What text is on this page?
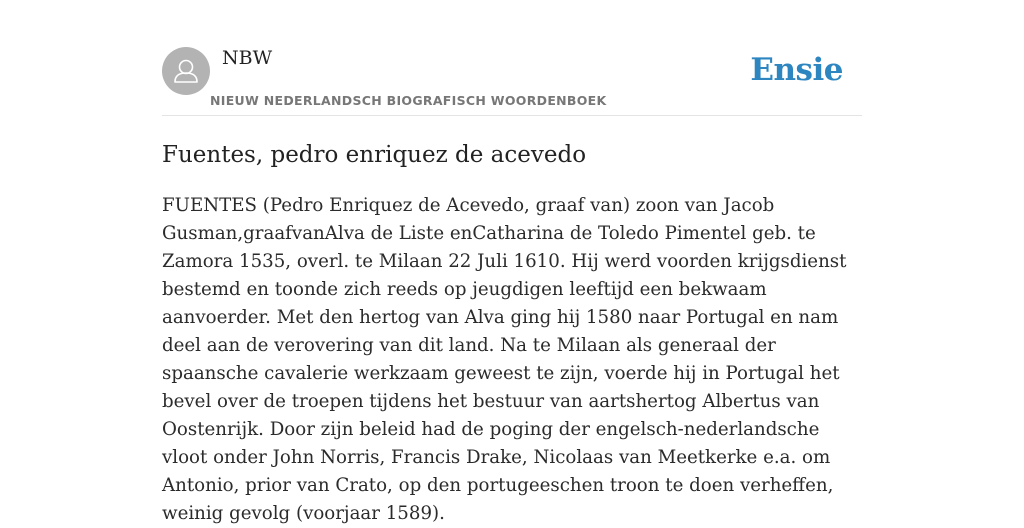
NBW
NIEUW NEDERLANDSCH BIOGRAFISCH WOORDENBOEK
Ensie
Fuentes, pedro enriquez de acevedo

FUENTES (Pedro Enriquez de Acevedo, graaf van) zoon van Jacob Gusman,graafvanAlva de Liste enCatharina de Toledo Pimentel geb. te Zamora 1535, overl. te Milaan 22 Juli 1610. Hij werd voorden krijgsdienst bestemd en toonde zich reeds op jeugdigen leeftijd een bekwaam aanvoerder. Met den hertog van Alva ging hij 1580 naar Portugal en nam deel aan de verovering van dit land. Na te Milaan als generaal der spaansche cavalerie werkzaam geweest te zijn, voerde hij in Portugal het bevel over de troepen tijdens het bestuur van aartshertog Albertus van Oostenrijk. Door zijn beleid had de poging der engelsch-nederlandsche vloot onder John Norris, Francis Drake, Nicolaas van Meetkerke e.a. om Antonio, prior van Crato, op den portugeeschen troon te doen verheffen, weinig gevolg (voorjaar 1589).
